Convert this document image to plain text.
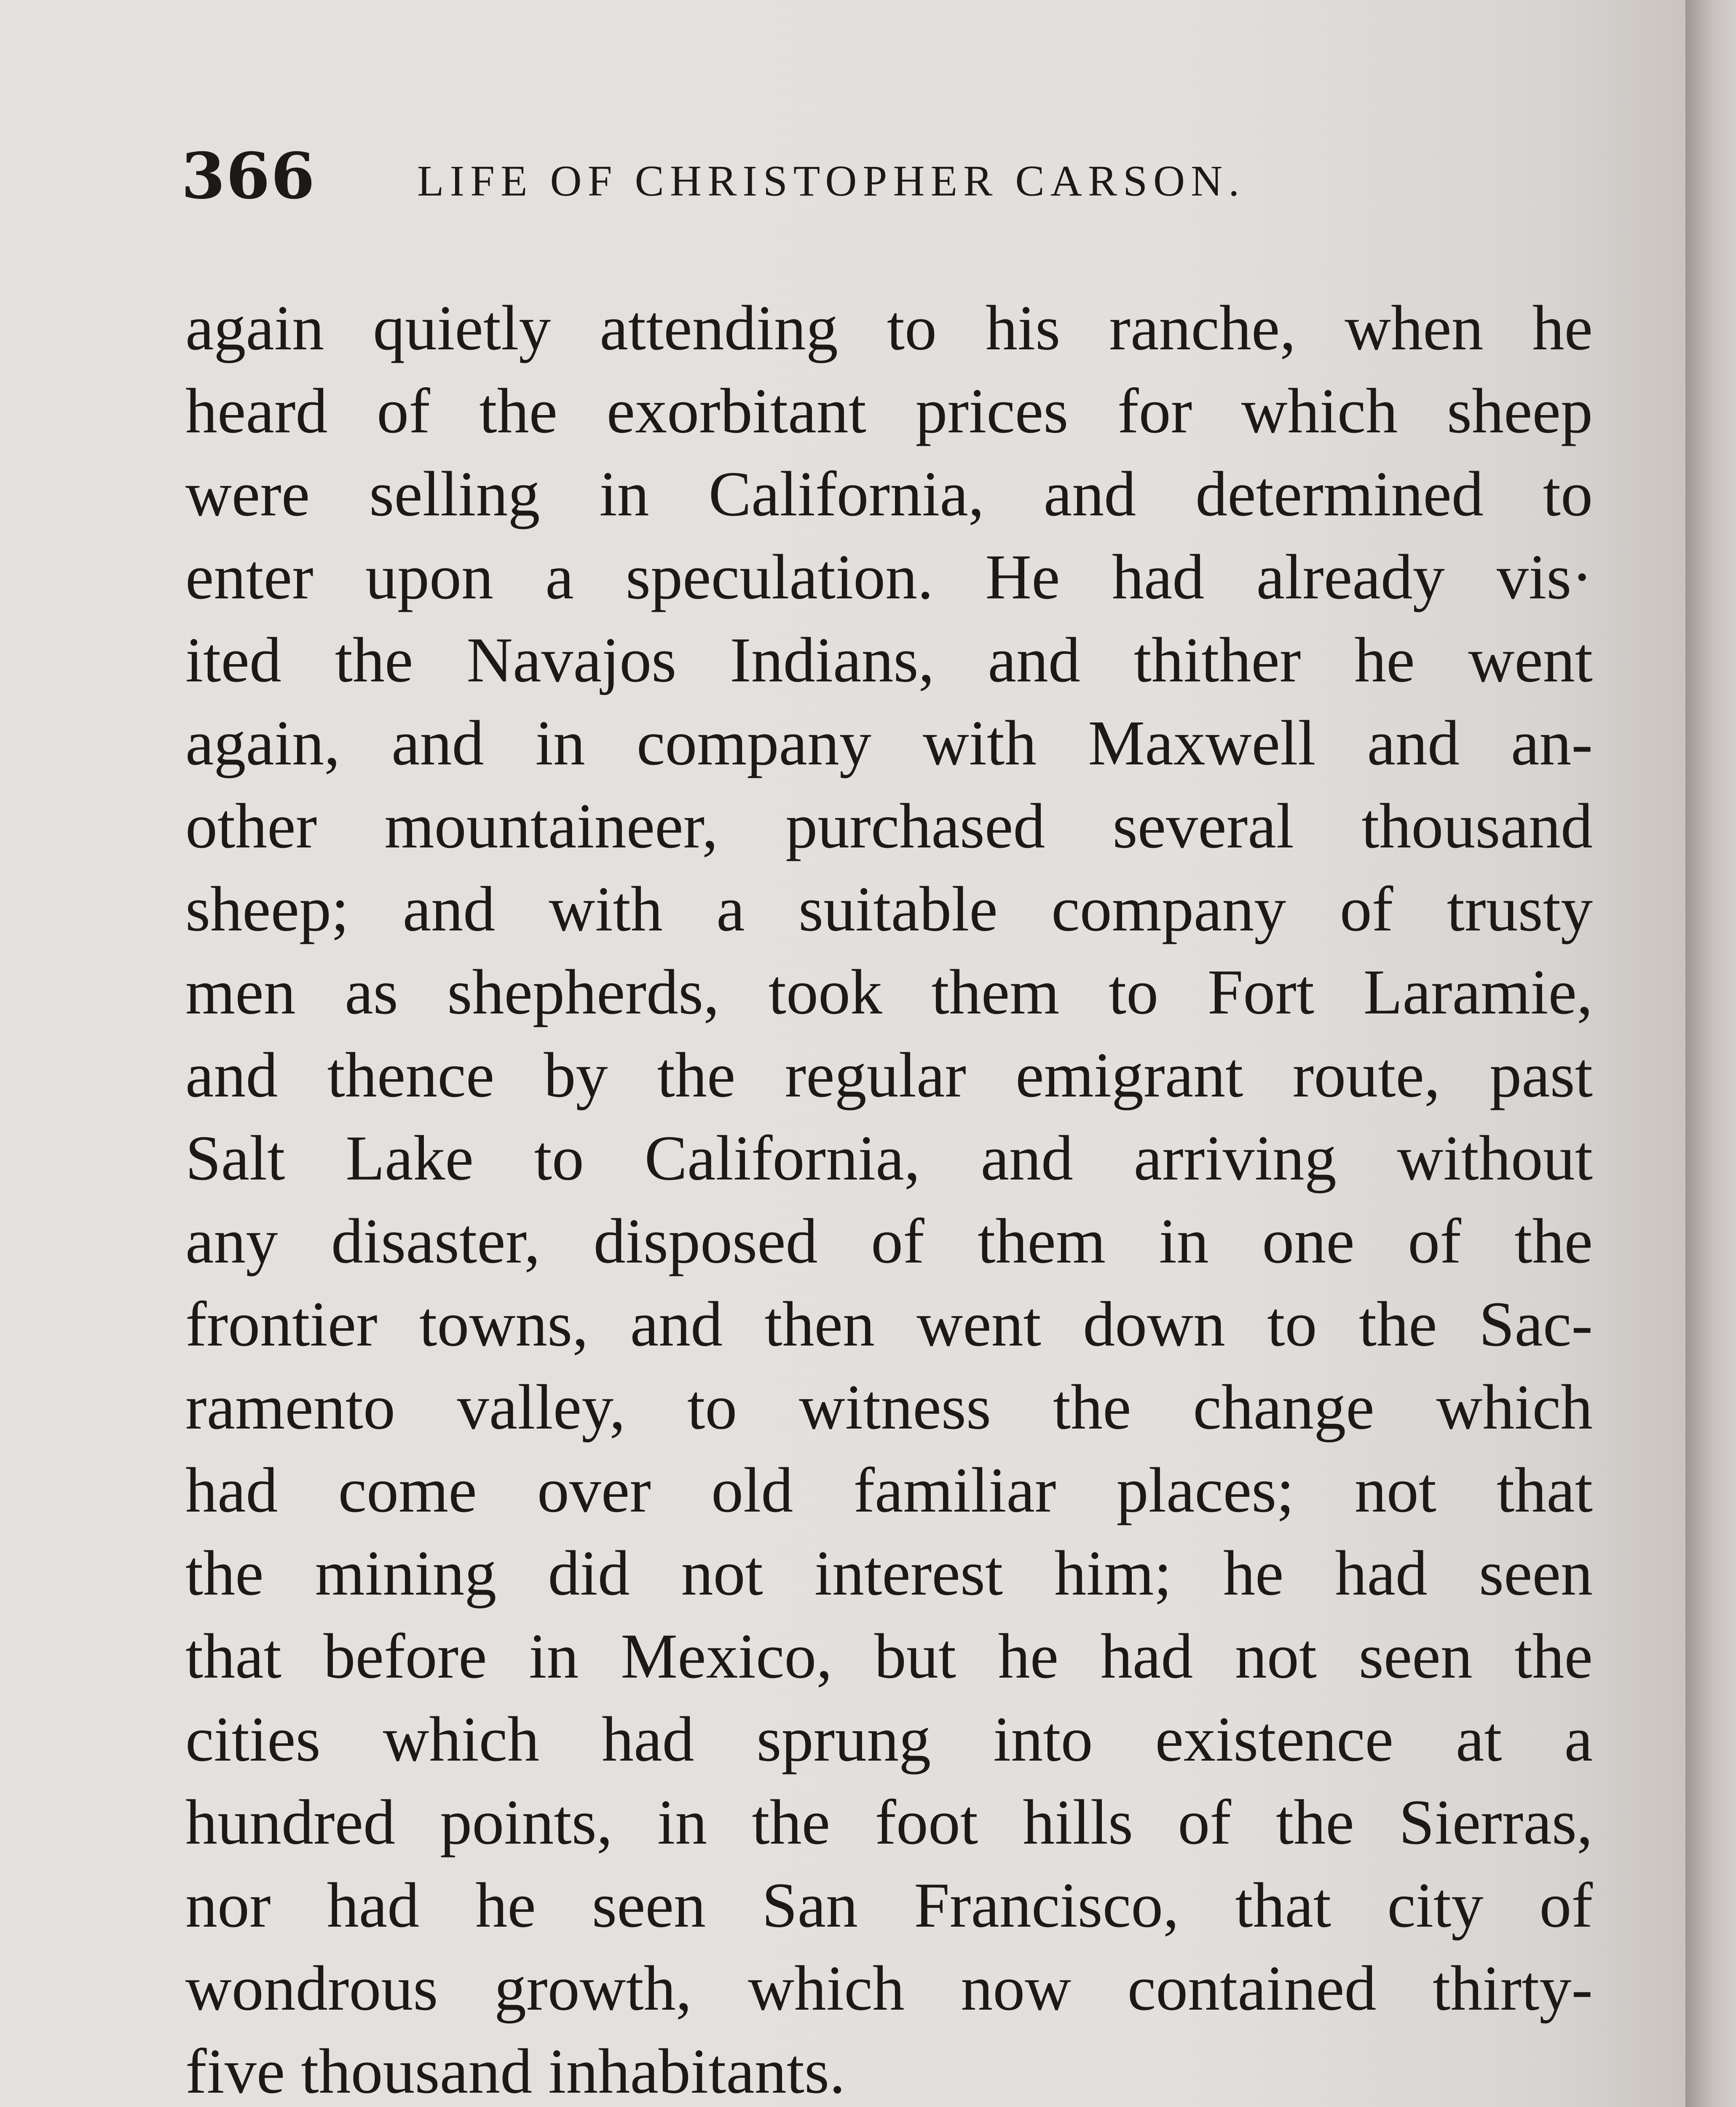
366 LIFE OF CHRISTOPHER CARSON.
again quietly attending to his ranche, when he
heard of the exorbitant prices for which sheep
were selling in California, and determined to
enter upon a speculation. He had already vis·
ited the Navajos Indians, and thither he went
again, and in company with Maxwell and an-
other mountaineer, purchased several thousand
sheep; and with a suitable company of trusty
men as shepherds, took them to Fort Laramie,
and thence by the regular emigrant route, past
Salt Lake to California, and arriving without
any disaster, disposed of them in one of the
frontier towns, and then went down to the Sac-
ramento valley, to witness the change which
had come over old familiar places; not that
the mining did not interest him; he had seen
that before in Mexico, but he had not seen the
cities which had sprung into existence at a
hundred points, in the foot hills of the Sierras,
nor had he seen San Francisco, that city of
wondrous growth, which now contained thirty-
five thousand inhabitants.
